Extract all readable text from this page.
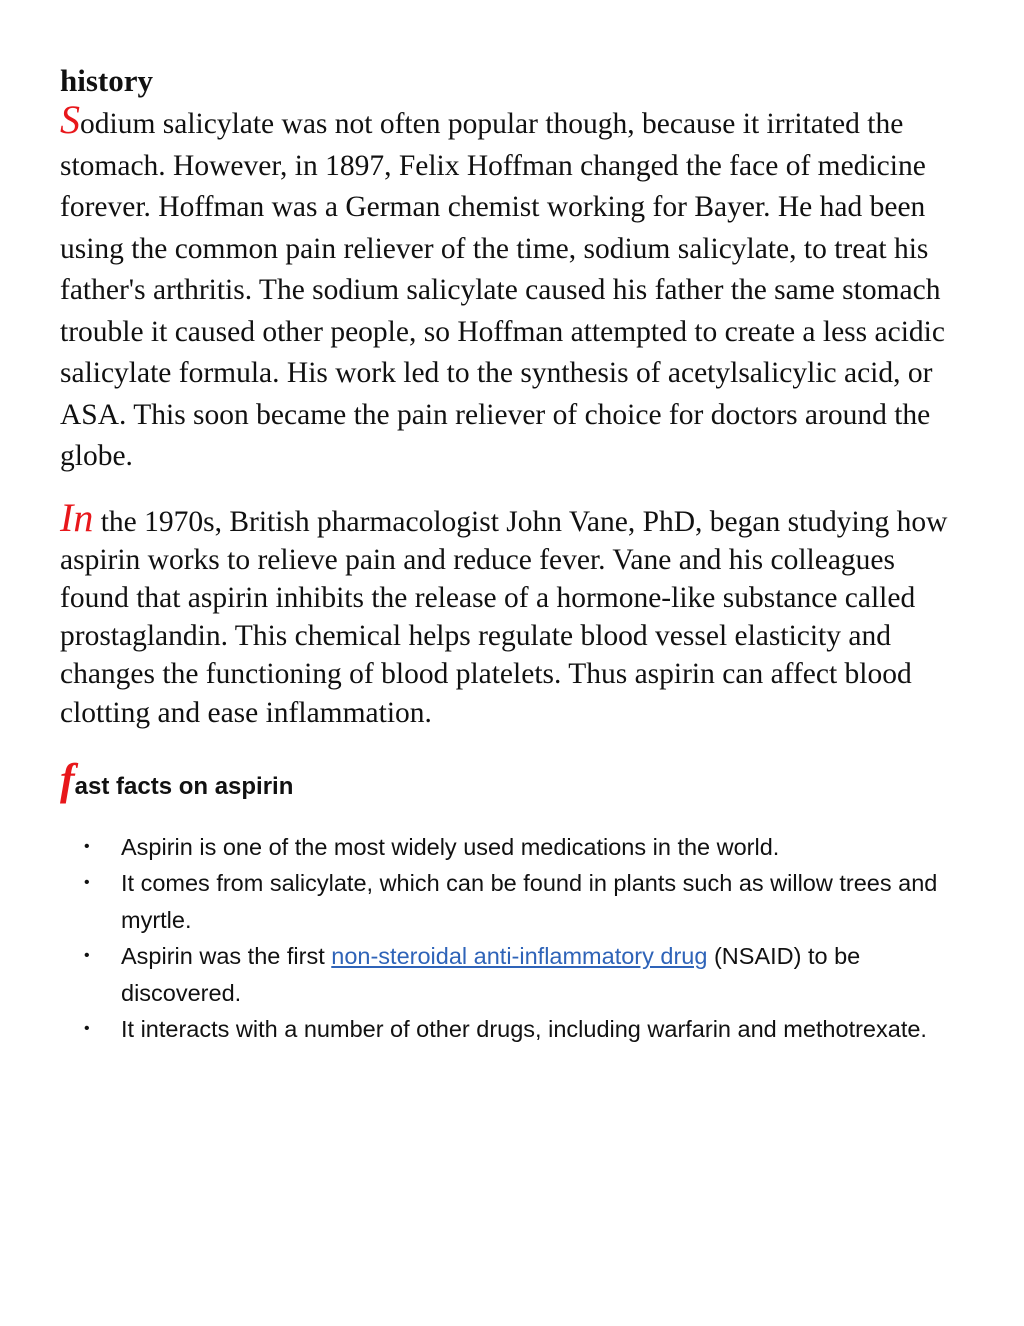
history

Sodium salicylate was not often popular though, because it irritated the stomach. However, in 1897, Felix Hoffman changed the face of medicine forever. Hoffman was a German chemist working for Bayer. He had been using the common pain reliever of the time, sodium salicylate, to treat his father's arthritis. The sodium salicylate caused his father the same stomach trouble it caused other people, so Hoffman attempted to create a less acidic salicylate formula. His work led to the synthesis of acetylsalicylic acid, or ASA. This soon became the pain reliever of choice for doctors around the globe.

In the 1970s, British pharmacologist John Vane, PhD, began studying how aspirin works to relieve pain and reduce fever. Vane and his colleagues found that aspirin inhibits the release of a hormone-like substance called prostaglandin. This chemical helps regulate blood vessel elasticity and changes the functioning of blood platelets. Thus aspirin can affect blood clotting and ease inflammation.

fast facts on aspirin
• Aspirin is one of the most widely used medications in the world.
• It comes from salicylate, which can be found in plants such as willow trees and myrtle.
• Aspirin was the first non-steroidal anti-inflammatory drug (NSAID) to be discovered.
• It interacts with a number of other drugs, including warfarin and methotrexate.
